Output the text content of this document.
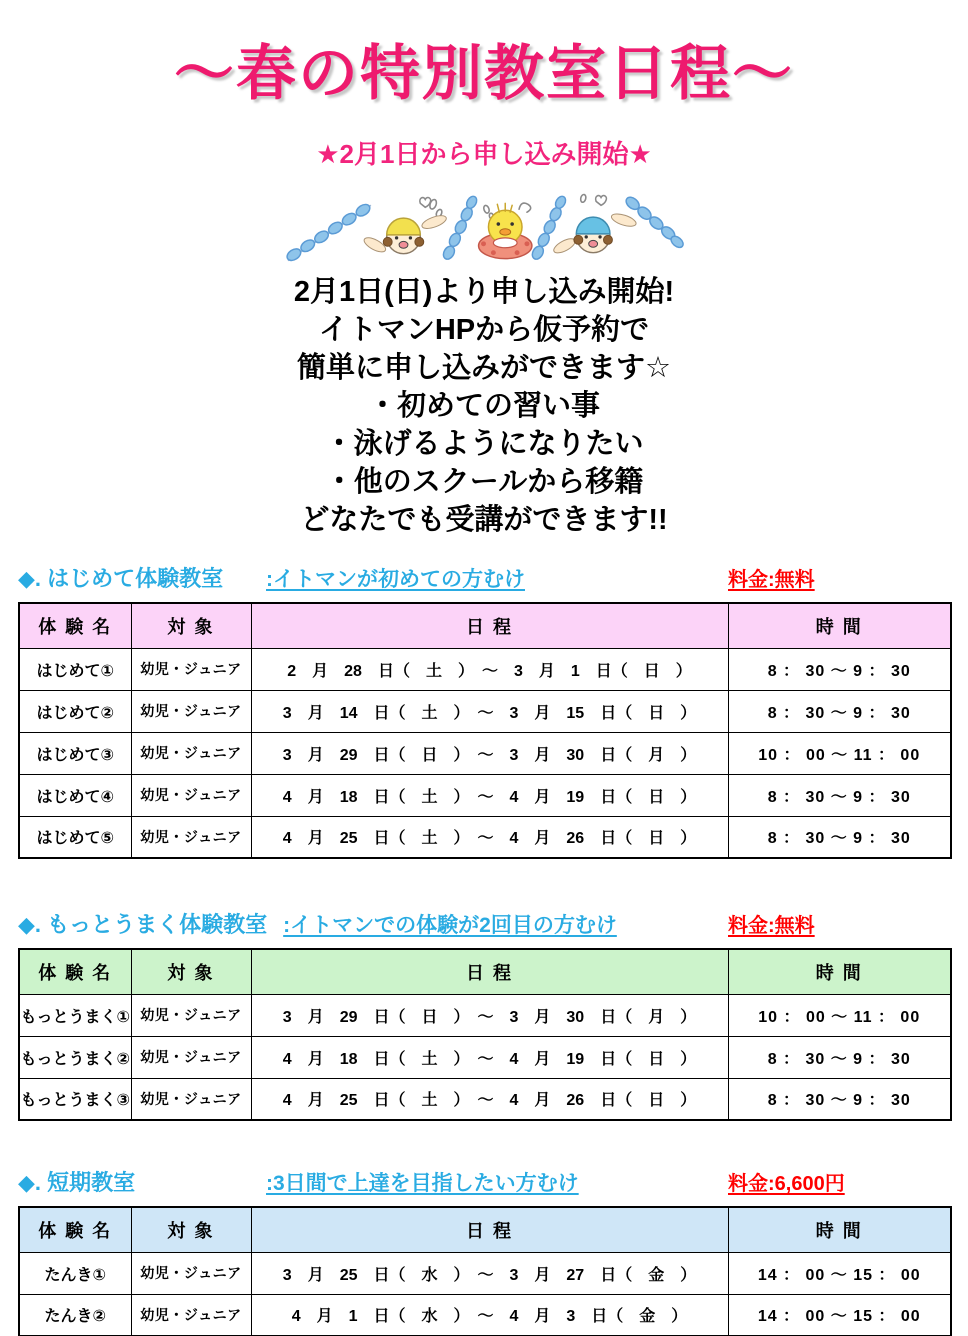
～春の特別教室日程～
★2月1日から申し込み開始★
2月1日(日)より申し込み開始!
イトマンHPから仮予約で
簡単に申し込みができます☆
・初めての習い事
・泳げるようになりたい
・他のスクールから移籍
どなたでも受講ができます!!
◆. はじめて体験教室	:イトマンが初めての方むけ	料金:無料
体 験 名	対 象	日 程	時 間
はじめて①	幼児・ジュニア	2　月　28　日（　土　）　〜　3　月　1　日（　日　）	8 ： 30 〜 9 ： 30
はじめて②	幼児・ジュニア	3　月　14　日（　土　）　〜　3　月　15　日（　日　）	8 ： 30 〜 9 ： 30
はじめて③	幼児・ジュニア	3　月　29　日（　日　）　〜　3　月　30　日（　月　）	10 ： 00 〜 11 ： 00
はじめて④	幼児・ジュニア	4　月　18　日（　土　）　〜　4　月　19　日（　日　）	8 ： 30 〜 9 ： 30
はじめて⑤	幼児・ジュニア	4　月　25　日（　土　）　〜　4　月　26　日（　日　）	8 ： 30 〜 9 ： 30
◆. もっとうまく体験教室 :イトマンでの体験が2回目の方むけ	料金:無料
体 験 名	対 象	日 程	時 間
もっとうまく①	幼児・ジュニア	3　月　29　日（　日　）　〜　3　月　30　日（　月　）	10 ： 00 〜 11 ： 00
もっとうまく②	幼児・ジュニア	4　月　18　日（　土　）　〜　4　月　19　日（　日　）	8 ： 30 〜 9 ： 30
もっとうまく③	幼児・ジュニア	4　月　25　日（　土　）　〜　4　月　26　日（　日　）	8 ： 30 〜 9 ： 30
◆. 短期教室	:3日間で上達を目指したい方むけ	料金:6,600円
体 験 名	対 象	日 程	時 間
たんき①	幼児・ジュニア	3　月　25　日（　水　）　〜　3　月　27　日（　金　）	14 ： 00 〜 15 ： 00
たんき②	幼児・ジュニア	4　月　1　日（　水　）　〜　4　月　3　日（　金　）	14 ： 00 〜 15 ： 00
